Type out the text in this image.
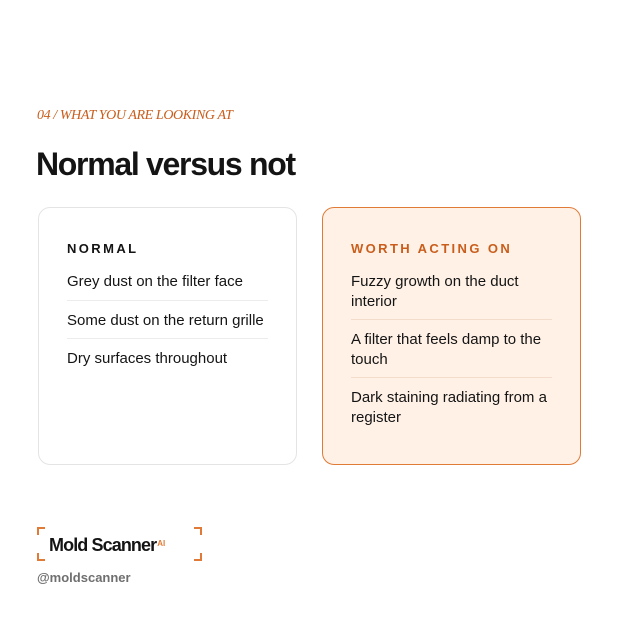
04 / WHAT YOU ARE LOOKING AT
Normal versus not
NORMAL
Grey dust on the filter face
Some dust on the return grille
Dry surfaces throughout
WORTH ACTING ON
Fuzzy growth on the duct interior
A filter that feels damp to the touch
Dark staining radiating from a register
Mold Scanner$^{AI}$
@moldscanner
